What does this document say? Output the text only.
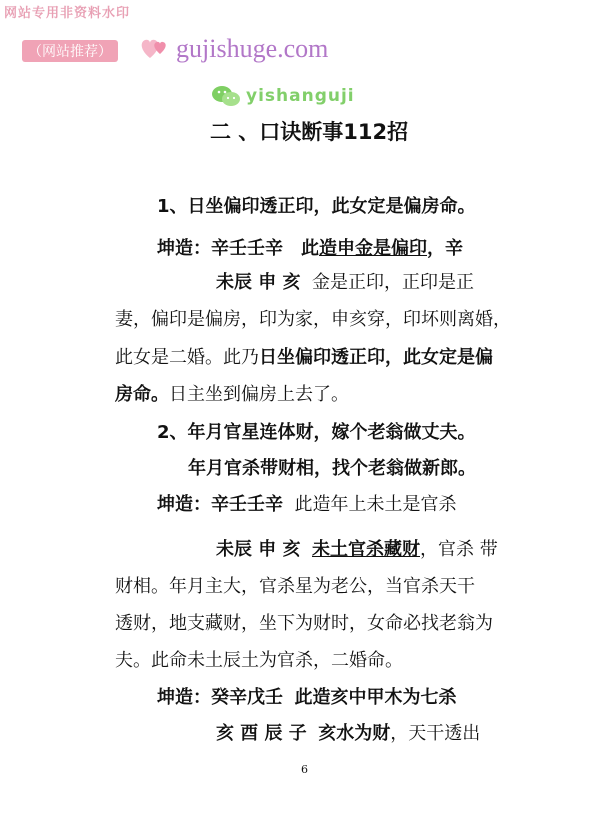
网站专用非资料水印
（网站推荐） gujishuge.com
yishanguji
二 、口诀断事112招
1、日坐偏印透正印，此女定是偏房命。
坤造：辛壬壬辛　此造申金是偏印，辛
未辰 申 亥 金是正印，正印是正
妻，偏印是偏房，印为家，申亥穿，印坏则离婚，
此女是二婚。此乃日坐偏印透正印，此女定是偏
房命。日主坐到偏房上去了。
2、年月官星连体财，嫁个老翁做丈夫。
年月官杀带财相，找个老翁做新郎。
坤造：辛壬壬辛 此造年上未土是官杀
未辰 申 亥 未土官杀藏财，官杀 带
财相。年月主大，官杀星为老公，当官杀天干
透财，地支藏财，坐下为财时，女命必找老翁为
夫。此命未土辰土为官杀，二婚命。
坤造：癸辛戊壬 此造亥中甲木为七杀
亥 酉 辰 子 亥水为财，天干透出
6
